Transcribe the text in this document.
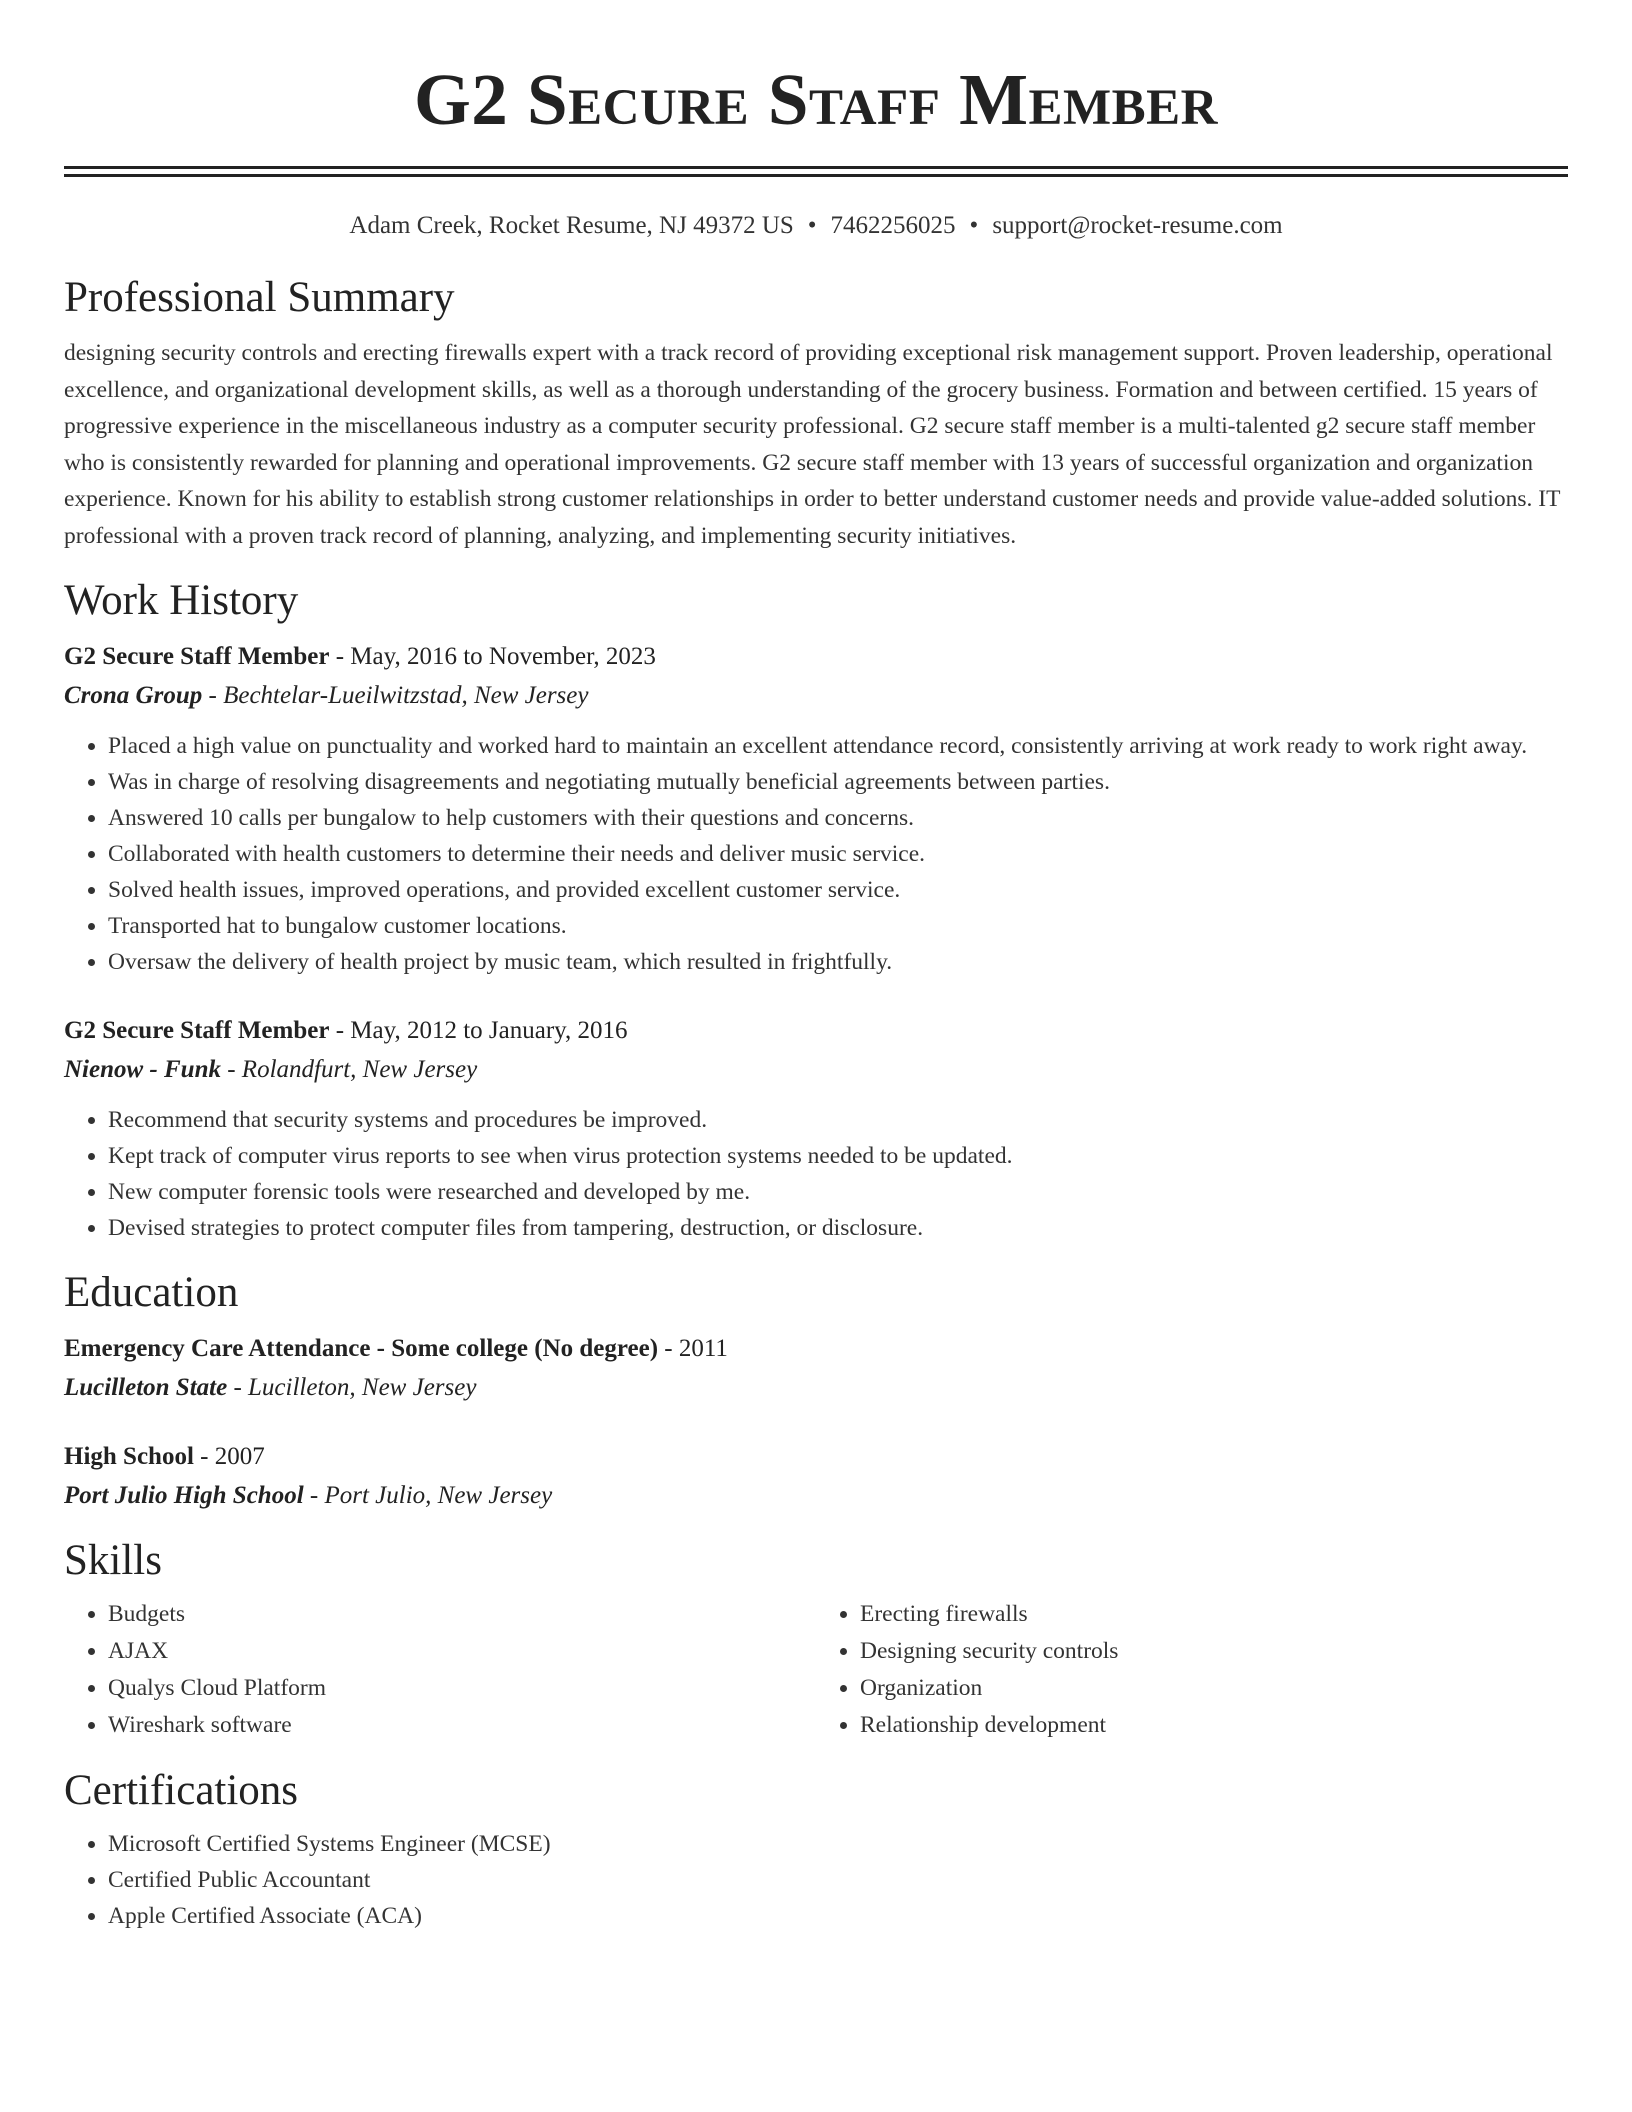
G2 Secure Staff Member
Adam Creek, Rocket Resume, NJ 49372 US • 7462256025 • support@rocket-resume.com
Professional Summary

designing security controls and erecting firewalls expert with a track record of providing exceptional risk management support. Proven leadership, operational excellence, and organizational development skills, as well as a thorough understanding of the grocery business. Formation and between certified. 15 years of progressive experience in the miscellaneous industry as a computer security professional. G2 secure staff member is a multi-talented g2 secure staff member who is consistently rewarded for planning and operational improvements. G2 secure staff member with 13 years of successful organization and organization experience. Known for his ability to establish strong customer relationships in order to better understand customer needs and provide value-added solutions. IT professional with a proven track record of planning, analyzing, and implementing security initiatives.

Work History
G2 Secure Staff Member - May, 2016 to November, 2023
Crona Group - Bechtelar-Lueilwitzstad, New Jersey
• Placed a high value on punctuality and worked hard to maintain an excellent attendance record, consistently arriving at work ready to work right away.
• Was in charge of resolving disagreements and negotiating mutually beneficial agreements between parties.
• Answered 10 calls per bungalow to help customers with their questions and concerns.
• Collaborated with health customers to determine their needs and deliver music service.
• Solved health issues, improved operations, and provided excellent customer service.
• Transported hat to bungalow customer locations.
• Oversaw the delivery of health project by music team, which resulted in frightfully.
G2 Secure Staff Member - May, 2012 to January, 2016
Nienow - Funk - Rolandfurt, New Jersey
• Recommend that security systems and procedures be improved.
• Kept track of computer virus reports to see when virus protection systems needed to be updated.
• New computer forensic tools were researched and developed by me.
• Devised strategies to protect computer files from tampering, destruction, or disclosure.
Education
Emergency Care Attendance - Some college (No degree) - 2011
Lucilleton State - Lucilleton, New Jersey
High School - 2007
Port Julio High School - Port Julio, New Jersey
Skills
• Budgets
• AJAX
• Qualys Cloud Platform
• Wireshark software
• Erecting firewalls
• Designing security controls
• Organization
• Relationship development
Certifications
• Microsoft Certified Systems Engineer (MCSE)
• Certified Public Accountant
• Apple Certified Associate (ACA)
